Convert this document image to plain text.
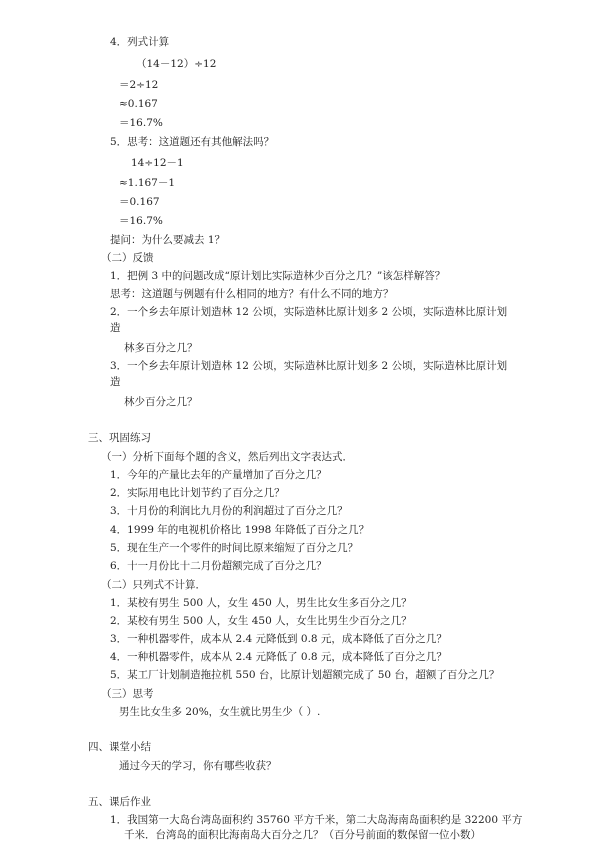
4．列式计算
（14－12）÷12
＝2÷12
≈0.167
＝16.7%
5．思考：这道题还有其他解法吗？
14÷12－1
≈1.167－1
＝0.167
＝16.7%
提问：为什么要减去 1？
（二）反馈
1．把例 3 中的问题改成“原计划比实际造林少百分之几？”该怎样解答？
思考：这道题与例题有什么相同的地方？有什么不同的地方？
2．一个乡去年原计划造林 12 公顷，实际造林比原计划多 2 公顷，实际造林比原计划
造
林多百分之几？
3．一个乡去年原计划造林 12 公顷，实际造林比原计划多 2 公顷，实际造林比原计划
造
林少百分之几？
三、巩固练习
（一）分析下面每个题的含义，然后列出文字表达式．
1．今年的产量比去年的产量增加了百分之几？
2．实际用电比计划节约了百分之几？
3．十月份的利润比九月份的利润超过了百分之几？
4．1999 年的电视机价格比 1998 年降低了百分之几？
5．现在生产一个零件的时间比原来缩短了百分之几？
6．十一月份比十二月份超额完成了百分之几？
（二）只列式不计算．
1．某校有男生 500 人，女生 450 人，男生比女生多百分之几？
2．某校有男生 500 人，女生 450 人，女生比男生少百分之几？
3．一种机器零件，成本从 2.4 元降低到 0.8 元，成本降低了百分之几？
4．一种机器零件，成本从 2.4 元降低了 0.8 元，成本降低了百分之几？
5．某工厂计划制造拖拉机 550 台，比原计划超额完成了 50 台，超额了百分之几？
（三）思考
男生比女生多 20%，女生就比男生少（ ）.
四、课堂小结
通过今天的学习，你有哪些收获？
五、课后作业
1．我国第一大岛台湾岛面积约 35760 平方千米，第二大岛海南岛面积约是 32200 平方
千米．台湾岛的面积比海南岛大百分之几？（百分号前面的数保留一位小数）
